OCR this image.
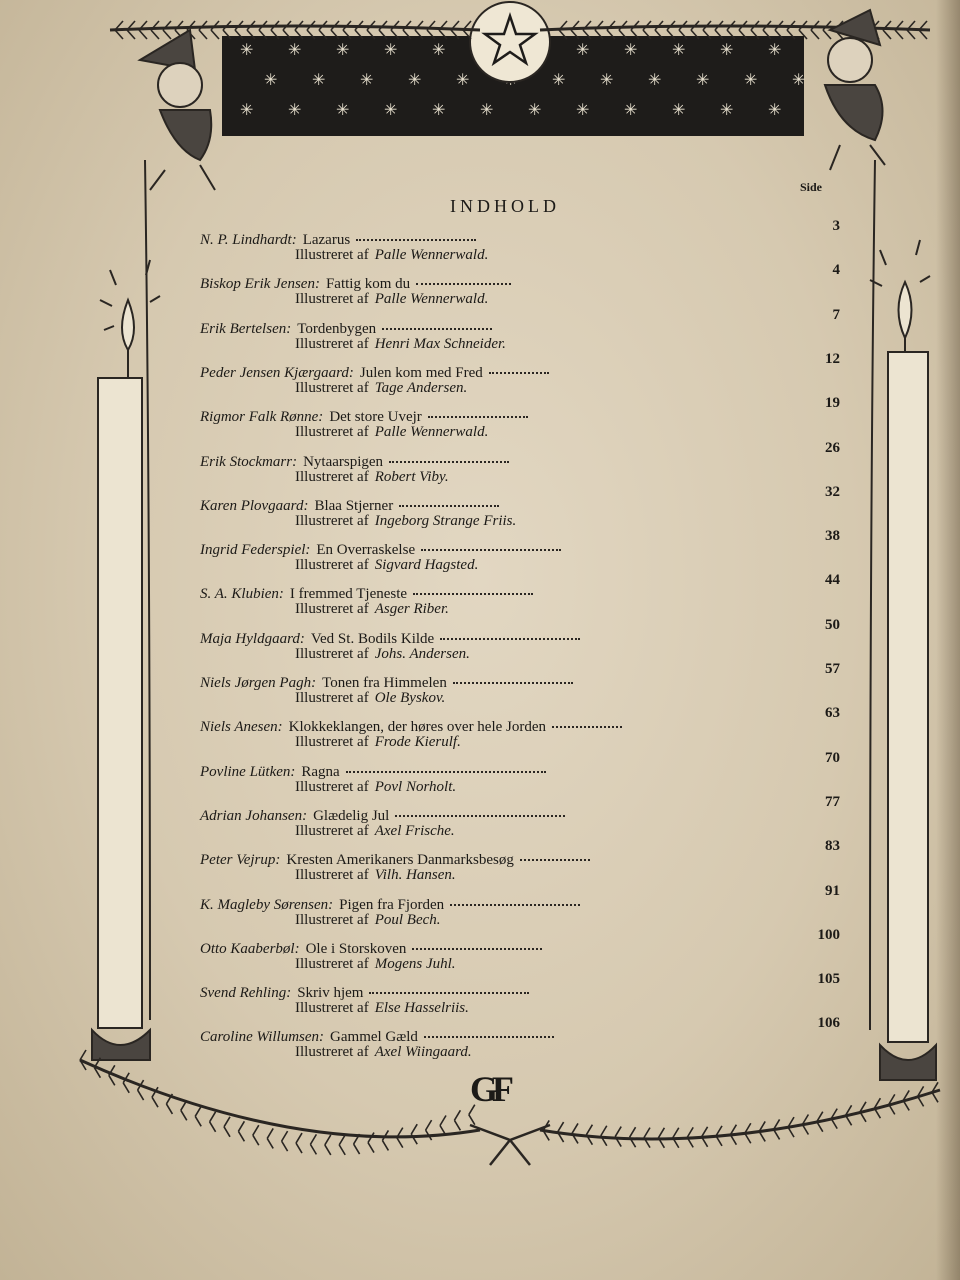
✳ ✳ ✳ ✳ ✳	✳ ✳ ✳ ✳ ✳
✳ ✳ ✳ ✳ ✳	✳ ✳ ✳ ✳ ✳ ✳
✳ ✳ ✳ ✳ ✳ ✳ ✳ ✳ ✳ ✳ ✳ ✳
Side
INDHOLD
N. P. Lindhardt: Lazarus
3
Illustreret af Palle Wennerwald.
Biskop Erik Jensen: Fattig kom du
4
Illustreret af Palle Wennerwald.
Erik Bertelsen: Tordenbygen
7
Illustreret af Henri Max Schneider.
Peder Jensen Kjærgaard: Julen kom med Fred
12
Illustreret af Tage Andersen.
Rigmor Falk Rønne: Det store Uvejr
19
Illustreret af Palle Wennerwald.
Erik Stockmarr: Nytaarspigen
26
Illustreret af Robert Viby.
Karen Plovgaard: Blaa Stjerner
32
Illustreret af Ingeborg Strange Friis.
Ingrid Federspiel: En Overraskelse
38
Illustreret af Sigvard Hagsted.
S. A. Klubien: I fremmed Tjeneste
44
Illustreret af Asger Riber.
Maja Hyldgaard: Ved St. Bodils Kilde
50
Illustreret af Johs. Andersen.
Niels Jørgen Pagh: Tonen fra Himmelen
57
Illustreret af Ole Byskov.
Niels Anesen: Klokkeklangen, der høres over hele Jorden
63
Illustreret af Frode Kierulf.
Povline Lütken: Ragna
70
Illustreret af Povl Norholt.
Adrian Johansen: Glædelig Jul
77
Illustreret af Axel Frische.
Peter Vejrup: Kresten Amerikaners Danmarksbesøg
83
Illustreret af Vilh. Hansen.
K. Magleby Sørensen: Pigen fra Fjorden
91
Illustreret af Poul Bech.
Otto Kaaberbøl: Ole i Storskoven
100
Illustreret af Mogens Juhl.
Svend Rehling: Skriv hjem
105
Illustreret af Else Hasselriis.
Caroline Willumsen: Gammel Gæld
106
Illustreret af Axel Wiingaard.
GF
